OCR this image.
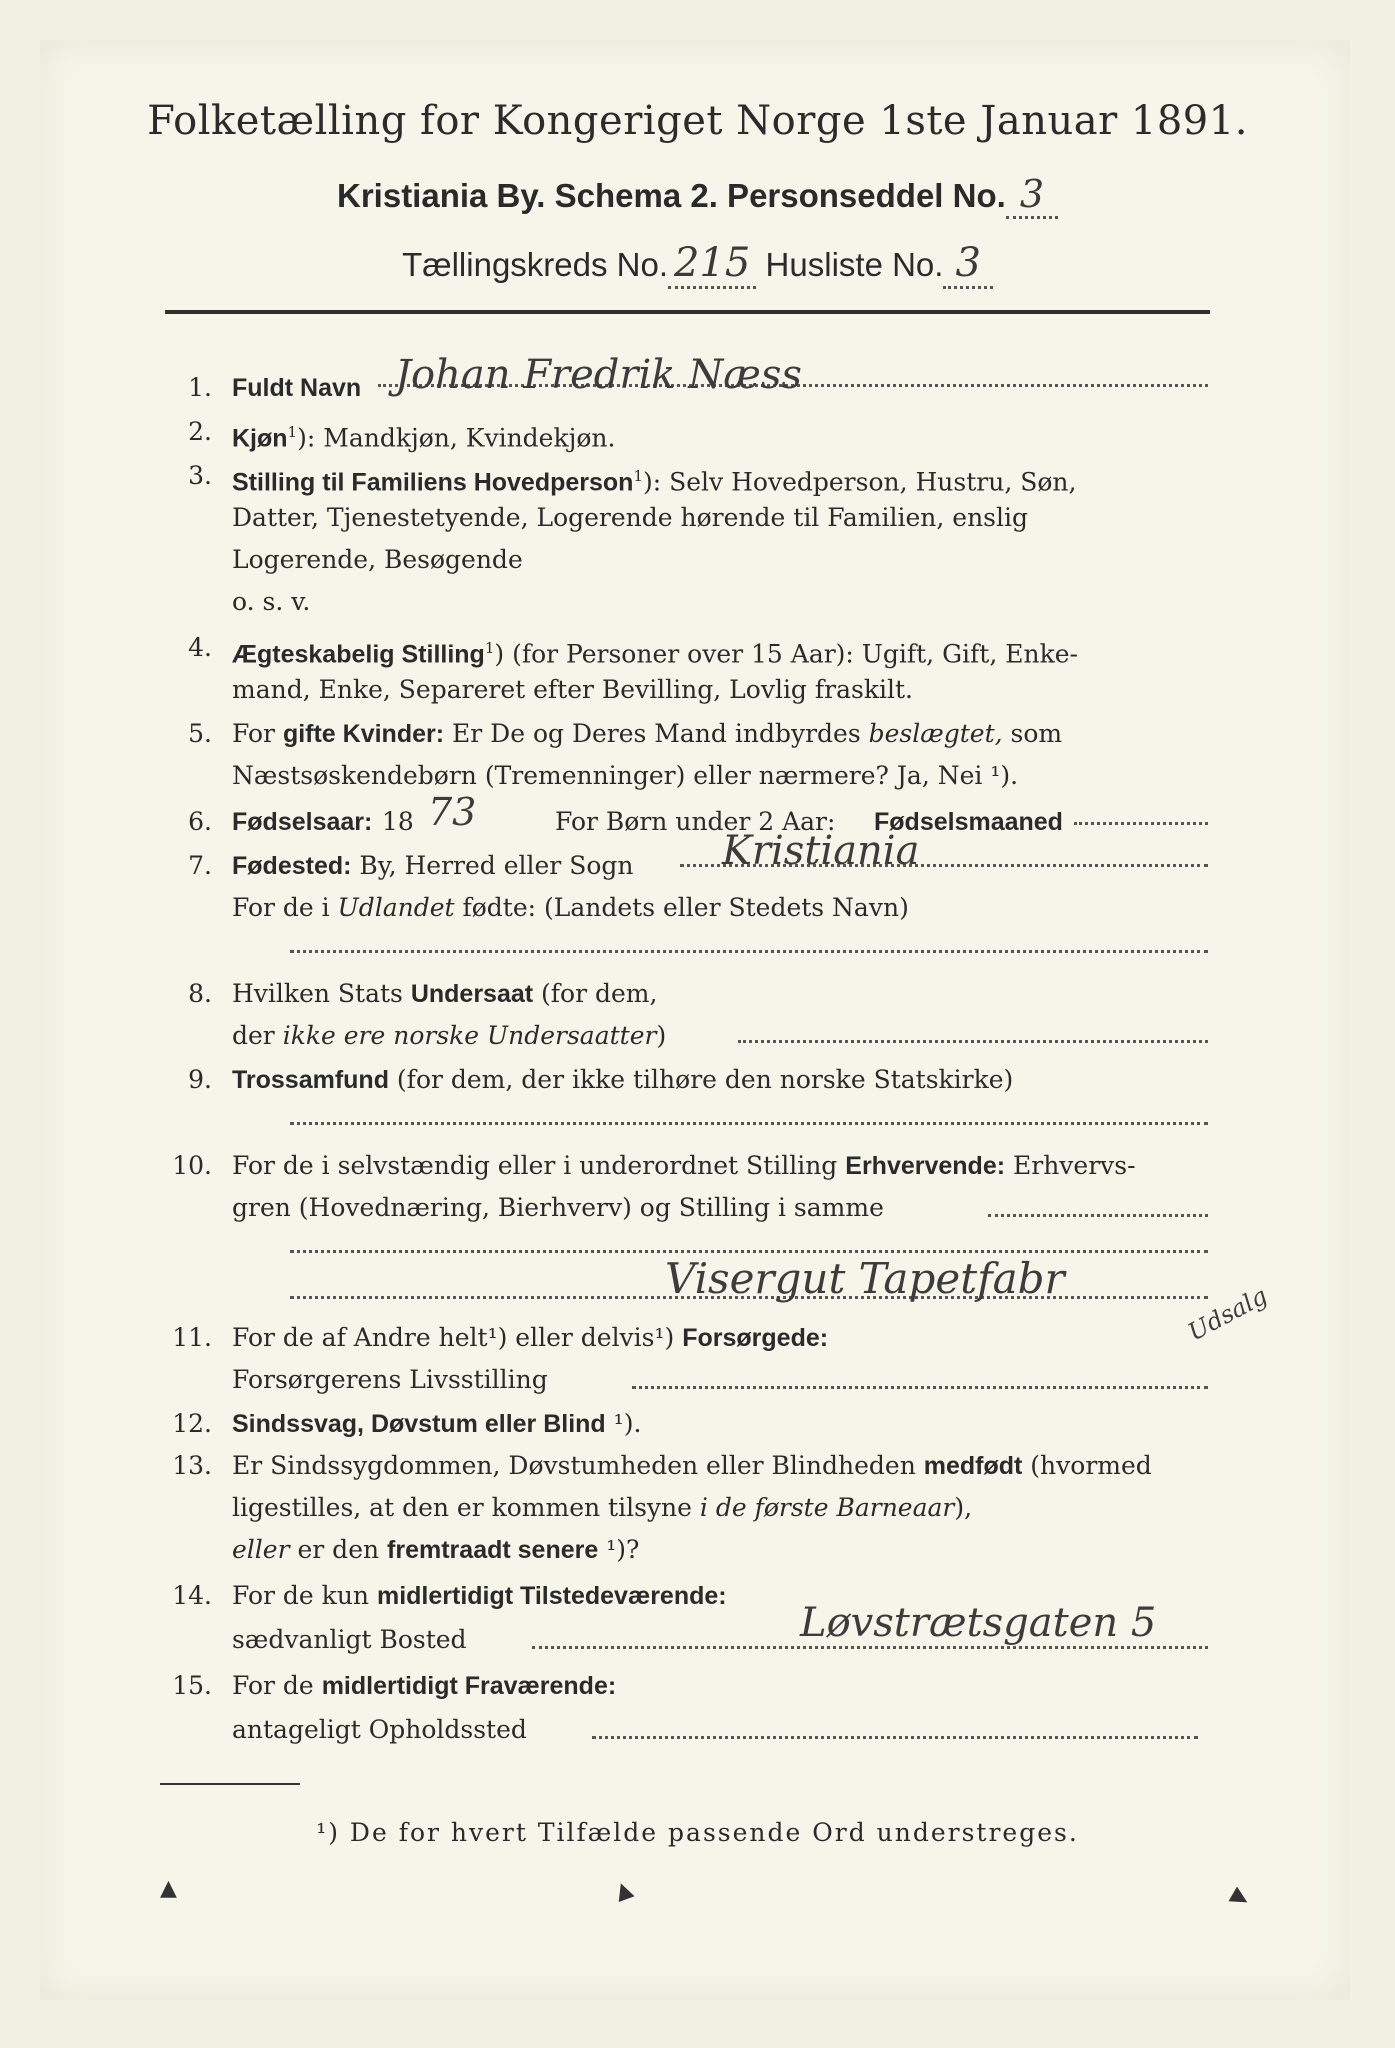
Folketælling for Kongeriget Norge 1ste Januar 1891.
Kristiania By. Schema 2. Personseddel No. 3
Tællingskreds No. 215 Husliste No. 3
1. Fuldt Navn Johan Fredrik Næss
2. Kjøn$^1$): Mandkjøn, Kvindekjøn.
3. Stilling til Familiens Hovedperson$^1$): Selv Hovedperson, Hustru, Søn,
Datter, Tjenestetyende, Logerende hørende til Familien, enslig
Logerende, Besøgende
o. s. v.
4. Ægteskabelig Stilling$^1$) (for Personer over 15 Aar): Ugift, Gift, Enke-
mand, Enke, Separeret efter Bevilling, Lovlig fraskilt.
5. For gifte Kvinder: Er De og Deres Mand indbyrdes beslægtet, som
Næstsøskendebørn (Tremenninger) eller nærmere? Ja, Nei ¹).
6. Fødselsaar: 18	For Børn under 2 Aar: Fødselsmaaned
73
7. Fødested: By, Herred eller Sogn Kristiania
For de i Udlandet fødte: (Landets eller Stedets Navn)
8. Hvilken Stats Undersaat (for dem,
der ikke ere norske Undersaatter)
9. Trossamfund (for dem, der ikke tilhøre den norske Statskirke)
10. For de i selvstændig eller i underordnet Stilling Erhvervende: Erhvervs-
gren (Hovednæring, Bierhverv) og Stilling i samme
Visergut Tapetfabr
Udsalg
11. For de af Andre helt¹) eller delvis¹) Forsørgede:
Forsørgerens Livsstilling
12. Sindssvag, Døvstum eller Blind ¹).
13. Er Sindssygdommen, Døvstumheden eller Blindheden medfødt (hvormed
ligestilles, at den er kommen tilsyne i de første Barneaar),
eller er den fremtraadt senere ¹)?
14. For de kun midlertidigt Tilstedeværende:
sædvanligt Bosted	Løvstrætsgaten 5
15. For de midlertidigt Fraværende:
antageligt Opholdssted
¹) De for hvert Tilfælde passende Ord understreges.
▲	▲	▶
